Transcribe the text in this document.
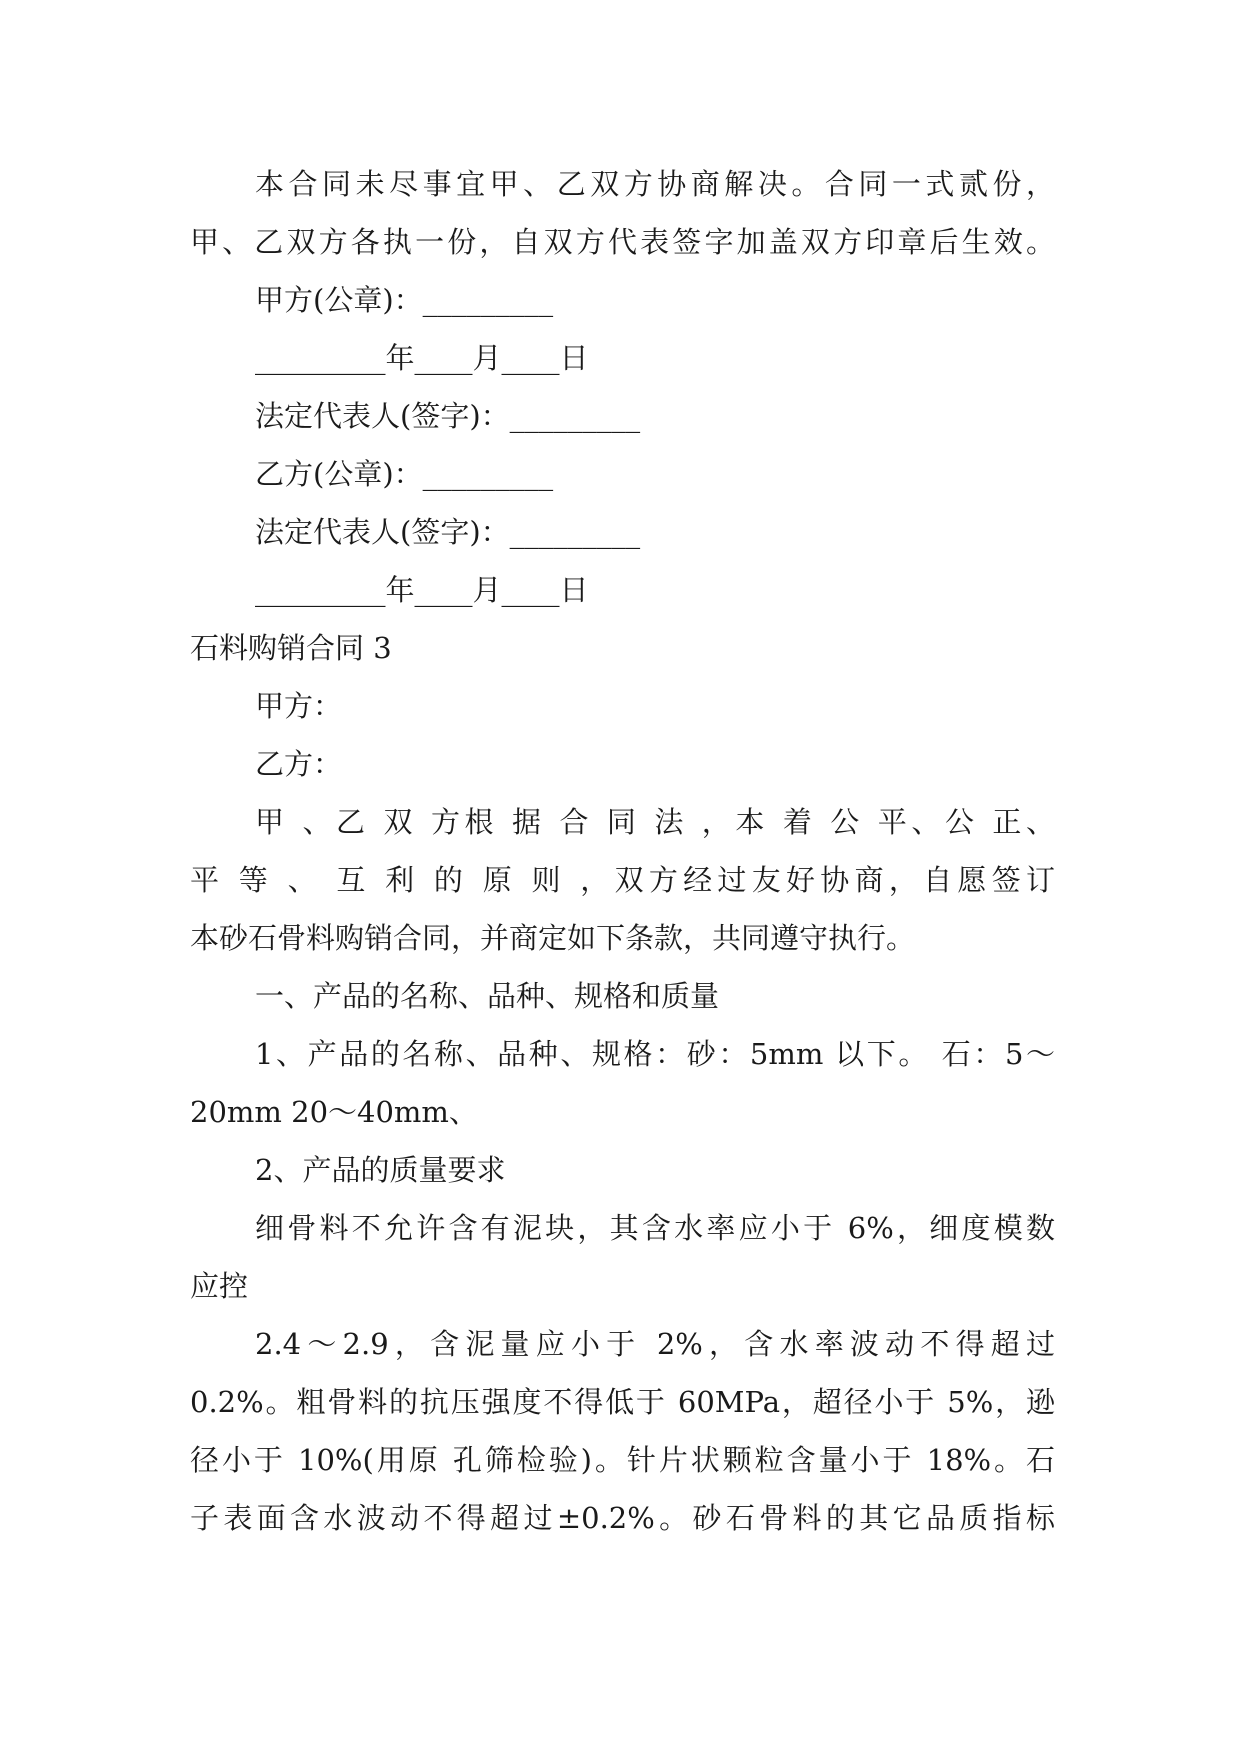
本合同未尽事宜甲、乙双方协商解决。合同一式贰份，
甲、乙双方各执一份，自双方代表签字加盖双方印章后生效。
甲方(公章)：_________
_________年____月____日
法定代表人(签字)：_________
乙方(公章)：_________
法定代表人(签字)：_________
_________年____月____日
石料购销合同 3
甲方：
乙方：
甲 、乙 双 方根 据 合 同 法 ，本 着 公 平、公 正、
平 等 、 互 利 的 原 则 ，双方经过友好协商，自愿签订
本砂石骨料购销合同，并商定如下条款，共同遵守执行。
一、产品的名称、品种、规格和质量
1、产品的名称、品种、规格：砂：5mm 以下。 石：5～
20mm 20～40mm、
2、产品的质量要求
细骨料不允许含有泥块，其含水率应小于 6%，细度模数
应控
2.4～2.9，含泥量应小于 2%，含水率波动不得超过
0.2%。粗骨料的抗压强度不得低于 60MPa，超径小于 5%，逊
径小于 10%(用原 孔筛检验)。针片状颗粒含量小于 18%。石
子表面含水波动不得超过±0.2%。砂石骨料的其它品质指标
